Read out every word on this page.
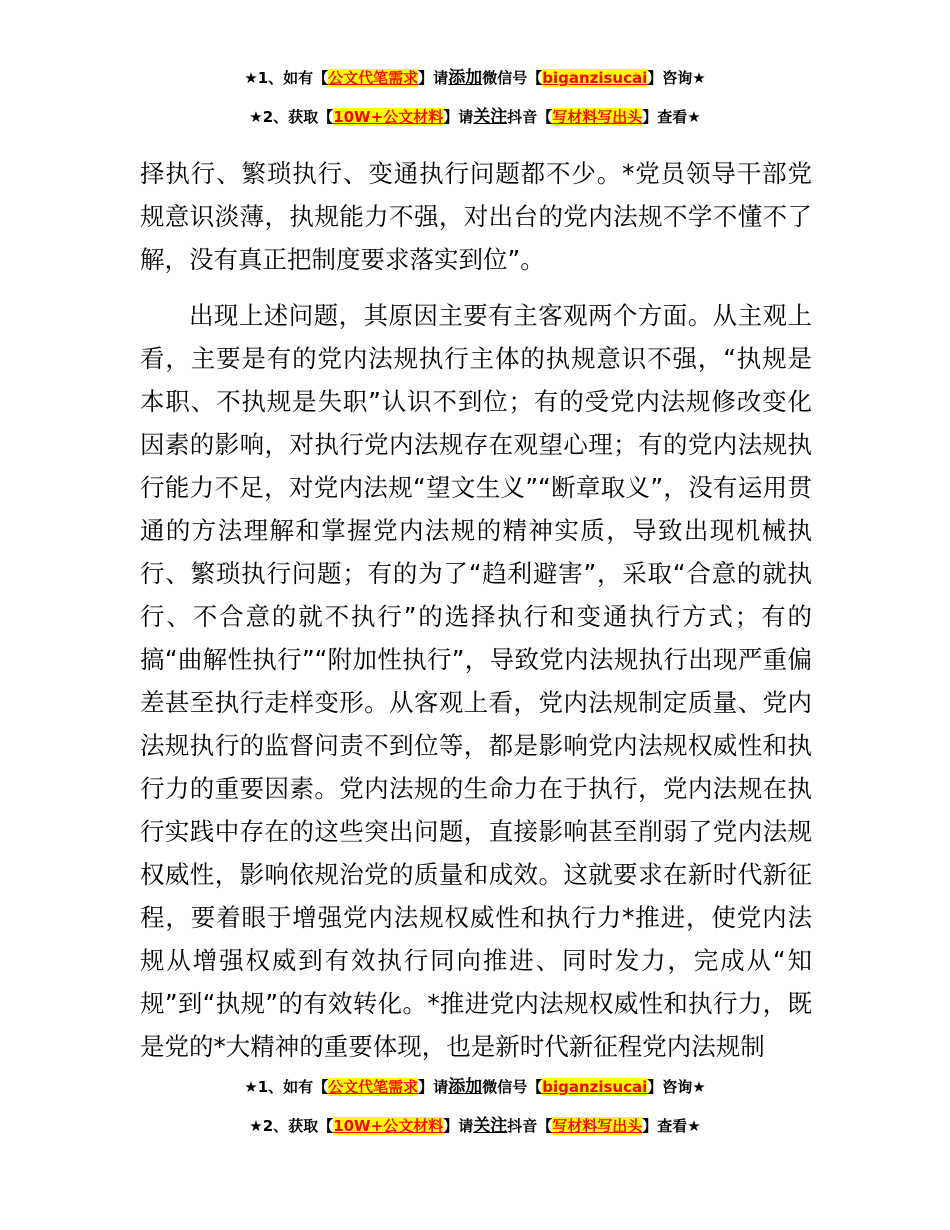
★1、如有【公文代笔需求】请添加微信号【biganzisucai】咨询★
★2、获取【10W+公文材料】请关注抖音【写材料写出头】查看★

择执行、繁琐执行、变通执行问题都不少。*党员领导干部党规意识淡薄，执规能力不强，对出台的党内法规不学不懂不了解，没有真正把制度要求落实到位”。

出现上述问题，其原因主要有主客观两个方面。从主观上看，主要是有的党内法规执行主体的执规意识不强，“执规是本职、不执规是失职”认识不到位；有的受党内法规修改变化因素的影响，对执行党内法规存在观望心理；有的党内法规执行能力不足，对党内法规“望文生义”“断章取义”，没有运用贯通的方法理解和掌握党内法规的精神实质，导致出现机械执行、繁琐执行问题；有的为了“趋利避害”，采取“合意的就执行、不合意的就不执行”的选择执行和变通执行方式；有的搞“曲解性执行”“附加性执行”，导致党内法规执行出现严重偏差甚至执行走样变形。从客观上看，党内法规制定质量、党内法规执行的监督问责不到位等，都是影响党内法规权威性和执行力的重要因素。党内法规的生命力在于执行，党内法规在执行实践中存在的这些突出问题，直接影响甚至削弱了党内法规权威性，影响依规治党的质量和成效。这就要求在新时代新征程，要着眼于增强党内法规权威性和执行力*推进，使党内法规从增强权威到有效执行同向推进、同时发力，完成从“知规”到“执规”的有效转化。*推进党内法规权威性和执行力，既是党的*大精神的重要体现，也是新时代新征程党内法规制

★1、如有【公文代笔需求】请添加微信号【biganzisucai】咨询★
★2、获取【10W+公文材料】请关注抖音【写材料写出头】查看★
